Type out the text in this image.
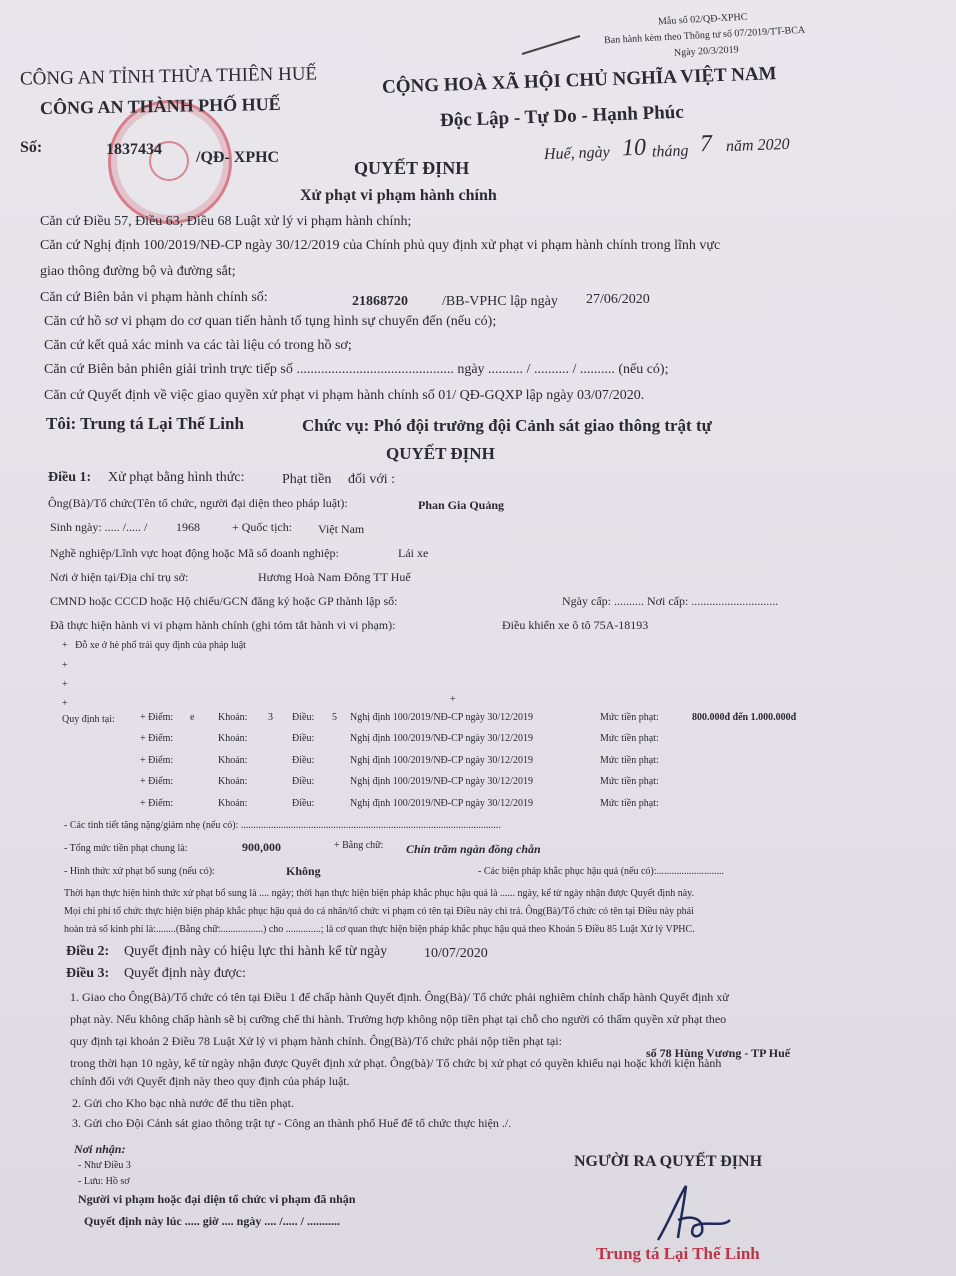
Mẫu số 02/QĐ-XPHC
Ban hành kèm theo Thông tư số 07/2019/TT-BCA
Ngày 20/3/2019
CÔNG AN TỈNH THỪA THIÊN HUẾ
CÔNG AN THÀNH PHỐ HUẾ
Số:	1837434 /QĐ- XPHC
CỘNG HOÀ XÃ HỘI CHỦ NGHĨA VIỆT NAM
Độc Lập - Tự Do - Hạnh Phúc
Huế, ngày 10 tháng 7 năm 2020
QUYẾT ĐỊNH
Xử phạt vi phạm hành chính
Căn cứ Điều 57, Điều 63, Điều 68 Luật xử lý vi phạm hành chính;
Căn cứ Nghị định 100/2019/NĐ-CP ngày 30/12/2019 của Chính phủ quy định xử phạt vi phạm hành chính trong lĩnh vực
giao thông đường bộ và đường sắt;
Căn cứ Biên bản vi phạm hành chính số:	21868720 /BB-VPHC lập ngày 27/06/2020
Căn cứ hồ sơ vi phạm do cơ quan tiến hành tố tụng hình sự chuyển đến (nếu có);
Căn cứ kết quả xác minh va các tài liệu có trong hồ sơ;
Căn cứ Biên bản phiên giải trình trực tiếp số ............................................. ngày .......... / .......... / .......... (nếu có);
Căn cứ Quyết định về việc giao quyền xử phạt vi phạm hành chính số 01/ QĐ-GQXP lập ngày 03/07/2020.
Tôi: Trung tá Lại Thế Linh	Chức vụ: Phó đội trưởng đội Cảnh sát giao thông trật tự
QUYẾT ĐỊNH
Điều 1: Xử phạt bằng hình thức:	Phạt tiền đối với :
Ông(Bà)/Tổ chức(Tên tổ chức, người đại diện theo pháp luật):	Phan Gia Quảng
Sinh ngày: ..... /..... / 1968	+ Quốc tịch: Việt Nam
Nghề nghiệp/Lĩnh vực hoạt động hoặc Mã số doanh nghiệp:	Lái xe
Nơi ở hiện tại/Địa chỉ trụ sở:	Hương Hoà Nam Đông TT Huế
CMND hoặc CCCD hoặc Hộ chiếu/GCN đăng ký hoặc GP thành lập số:	Ngày cấp: .......... Nơi cấp: .............................
Đã thực hiện hành vi vi phạm hành chính (ghi tóm tắt hành vi vi phạm):	Điều khiển xe ô tô 75A-18193
+   Đỗ xe ở hè phố trái quy định của pháp luật
+
+
+	+
Quy định tại:	+ Điểm: e Khoản: 3 Điều: 5 Nghị định 100/2019/NĐ-CP ngày 30/12/2019	Mức tiền phạt:	800.000đ đến 1.000.000đ
+ Điểm:	Khoản:	Điều:	Nghị định 100/2019/NĐ-CP ngày 30/12/2019	Mức tiền phạt:
+ Điểm:	Khoản:	Điều:	Nghị định 100/2019/NĐ-CP ngày 30/12/2019	Mức tiền phạt:
+ Điểm:	Khoản:	Điều:	Nghị định 100/2019/NĐ-CP ngày 30/12/2019	Mức tiền phạt:
+ Điểm:	Khoản:	Điều:	Nghị định 100/2019/NĐ-CP ngày 30/12/2019	Mức tiền phạt:
- Các tình tiết tăng nặng/giảm nhẹ (nếu có): ........................................................................................................
- Tổng mức tiền phạt chung là:	900,000	+ Bằng chữ: Chín trăm ngàn đồng chẵn
- Hình thức xử phạt bổ sung (nếu có):	Không	- Các biện pháp khắc phục hậu quả (nếu có):...........................
Thời hạn thực hiện hình thức xử phạt bổ sung là .... ngày; thời hạn thực hiện biện pháp khắc phục hậu quả là ...... ngày, kể từ ngày nhận được Quyết định này.
Mọi chi phí tổ chức thực hiện biện pháp khắc phục hậu quả do cá nhân/tổ chức vi phạm có tên tại Điều này chi trả. Ông(Bà)/Tổ chức có tên tại Điều này phải
hoàn trả số kinh phí là:........(Bằng chữ:.................) cho ..............; là cơ quan thực hiện biện pháp khắc phục hậu quả theo Khoản 5 Điều 85 Luật Xử lý VPHC.
Điều 2: Quyết định này có hiệu lực thi hành kể từ ngày	10/07/2020
Điều 3: Quyết định này được:
1. Giao cho Ông(Bà)/Tổ chức có tên tại Điều 1 để chấp hành Quyết định. Ông(Bà)/ Tổ chức phải nghiêm chỉnh chấp hành Quyết định xử
phạt này. Nếu không chấp hành sẽ bị cưỡng chế thi hành. Trường hợp không nộp tiền phạt tại chỗ cho người có thẩm quyền xử phạt theo
quy định tại khoản 2 Điều 78 Luật Xử lý vi phạm hành chính. Ông(Bà)/Tổ chức phải nộp tiền phạt tại:
số 78 Hùng Vương - TP Huế
trong thời hạn 10 ngày, kể từ ngày nhận được Quyết định xử phạt. Ông(bà)/ Tổ chức bị xử phạt có quyền khiếu nại hoặc khởi kiện hành
chính đối với Quyết định này theo quy định của pháp luật.
2. Gửi cho Kho bạc nhà nước để thu tiền phạt.
3. Gửi cho Đội Cảnh sát giao thông trật tự - Công an thành phố Huế để tổ chức thực hiện ./.
Nơi nhận:
- Như Điều 3
- Lưu: Hồ sơ
Người vi phạm hoặc đại diện tổ chức vi phạm đã nhận
Quyết định này lúc ..... giờ .... ngày .... /..... / ...........
NGƯỜI RA QUYẾT ĐỊNH
Au
Trung tá Lại Thế Linh
